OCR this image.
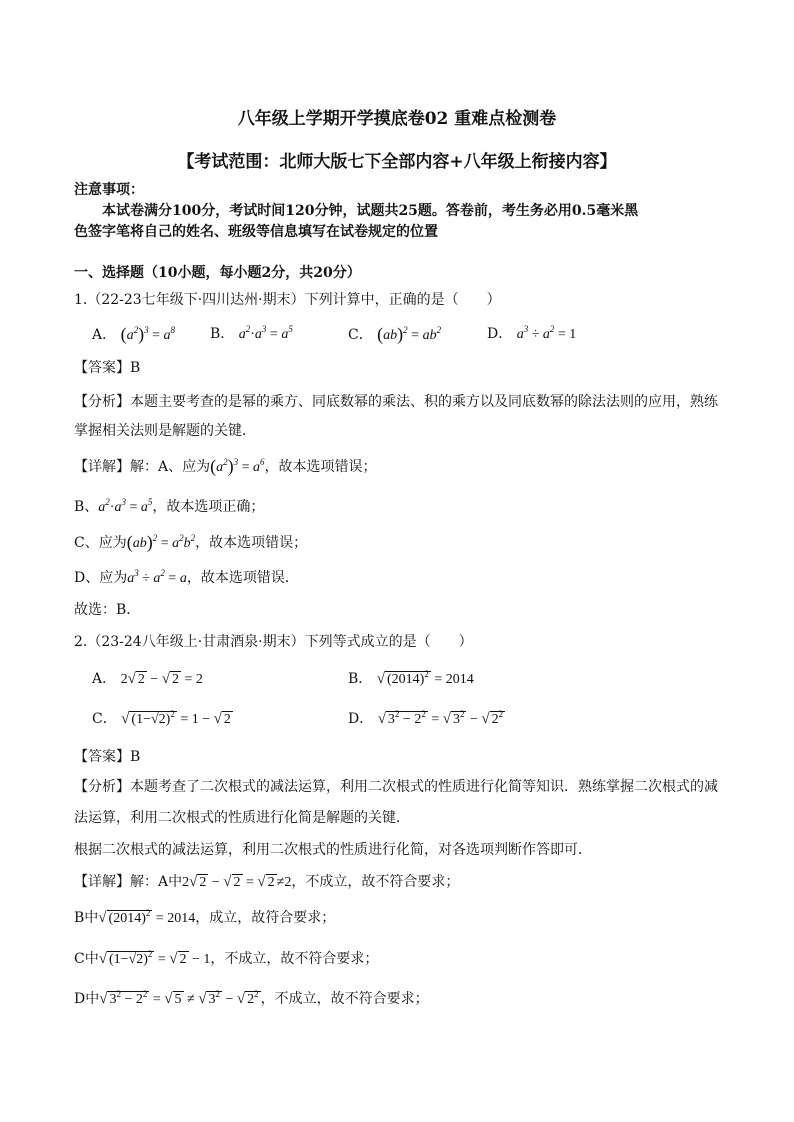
八年级上学期开学摸底卷02 重难点检测卷
【考试范围：北师大版七下全部内容+八年级上衔接内容】
注意事项：
本试卷满分100分，考试时间120分钟，试题共25题。答卷前，考生务必用0.5毫米黑
色签字笔将自己的姓名、班级等信息填写在试卷规定的位置
一、选择题（10小题，每小题2分，共20分）
1.（22-23七年级下·四川达州·期末）下列计算中，正确的是（　　）
A． $(a^2)^3 = a^8$	B． $a^2\cdot a^3 = a^5$	C． $(ab)^2 = ab^2$	D． $a^3 \div a^2 = 1$
【答案】B
【分析】本题主要考查的是幂的乘方、同底数幂的乘法、积的乘方以及同底数幂的除法法则的应用，熟练
掌握相关法则是解题的关键．
【详解】解：A、应为$(a^2)^3 = a^6$，故本选项错误；
B、$a^2\cdot a^3 = a^5$，故本选项正确；
C、应为$(ab)^2 = a^2b^2$，故本选项错误；
D、应为$a^3 \div a^2 = a$，故本选项错误．
故选：B．
2.（23-24八年级上·甘肃酒泉·期末）下列等式成立的是（　　）
A． 2√ 2 − √ 2 = 2	B． √ $(2014)^2 = 2014$
C． √ $(1-√2)^2 = 1$ − √ 2	D． √ $3^2 - 2^2$ = √ $3^2$ − √ $2^2$
【答案】B
【分析】本题考查了二次根式的减法运算，利用二次根式的性质进行化简等知识．熟练掌握二次根式的减
法运算，利用二次根式的性质进行化简是解题的关键．
根据二次根式的减法运算，利用二次根式的性质进行化简，对各选项判断作答即可．
【详解】解：A中2√ 2 − √ 2 = √ 2 ≠2，不成立，故不符合要求；
B中√ $(2014)^2 = 2014$，成立，故符合要求；
C中√ $(1-√2)^2$ = √ 2 − 1，不成立，故不符合要求；
D中√ $3^2 - 2^2$ = √ 5 ≠ √ $3^2$ − √ $2^2$ ，不成立，故不符合要求；
